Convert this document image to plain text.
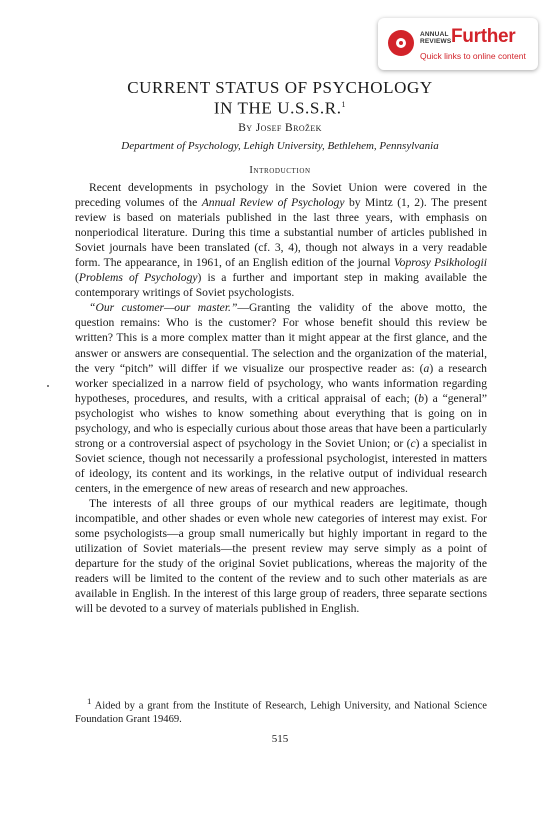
ANNUAL REVIEWS Further
Quick links to online content
CURRENT STATUS OF PSYCHOLOGY
IN THE U.S.S.R.$^1$
By Josef Brožek
Department of Psychology, Lehigh University, Bethlehem, Pennsylvania
Introduction

Recent developments in psychology in the Soviet Union were covered in the preceding volumes of the Annual Review of Psychology by Mintz (1, 2). The present review is based on materials published in the last three years, with emphasis on nonperiodical literature. During this time a substantial number of articles published in Soviet journals have been translated (cf. 3, 4), though not always in a very readable form. The appearance, in 1961, of an English edition of the journal Voprosy Psikhologii (Problems of Psychology) is a further and important step in making available the contemporary writings of Soviet psychologists.

“Our customer—our master.”—Granting the validity of the above motto, the question remains: Who is the customer? For whose benefit should this review be written? This is a more complex matter than it might appear at the first glance, and the answer or answers are consequential. The selection and the organization of the material, the very “pitch” will differ if we visualize our prospective reader as: (a) a research worker specialized in a narrow field of psychology, who wants information regarding hypotheses, procedures, and results, with a critical appraisal of each; (b) a “general” psychologist who wishes to know something about everything that is going on in psychology, and who is especially curious about those areas that have been a particularly strong or a controversial aspect of psychology in the Soviet Union; or (c) a specialist in Soviet science, though not necessarily a professional psychologist, interested in matters of ideology, its content and its workings, in the relative output of individual research centers, in the emergence of new areas of research and new approaches.

The interests of all three groups of our mythical readers are legitimate, though incompatible, and other shades or even whole new categories of interest may exist. For some psychologists—a group small numerically but highly important in regard to the utilization of Soviet materials—the present review may serve simply as a point of departure for the study of the original Soviet publications, whereas the majority of the readers will be limited to the content of the review and to such other materials as are available in English. In the interest of this large group of readers, three separate sections will be devoted to a survey of materials published in English.

$^1$ Aided by a grant from the Institute of Research, Lehigh University, and National Science Foundation Grant 19469.

515
